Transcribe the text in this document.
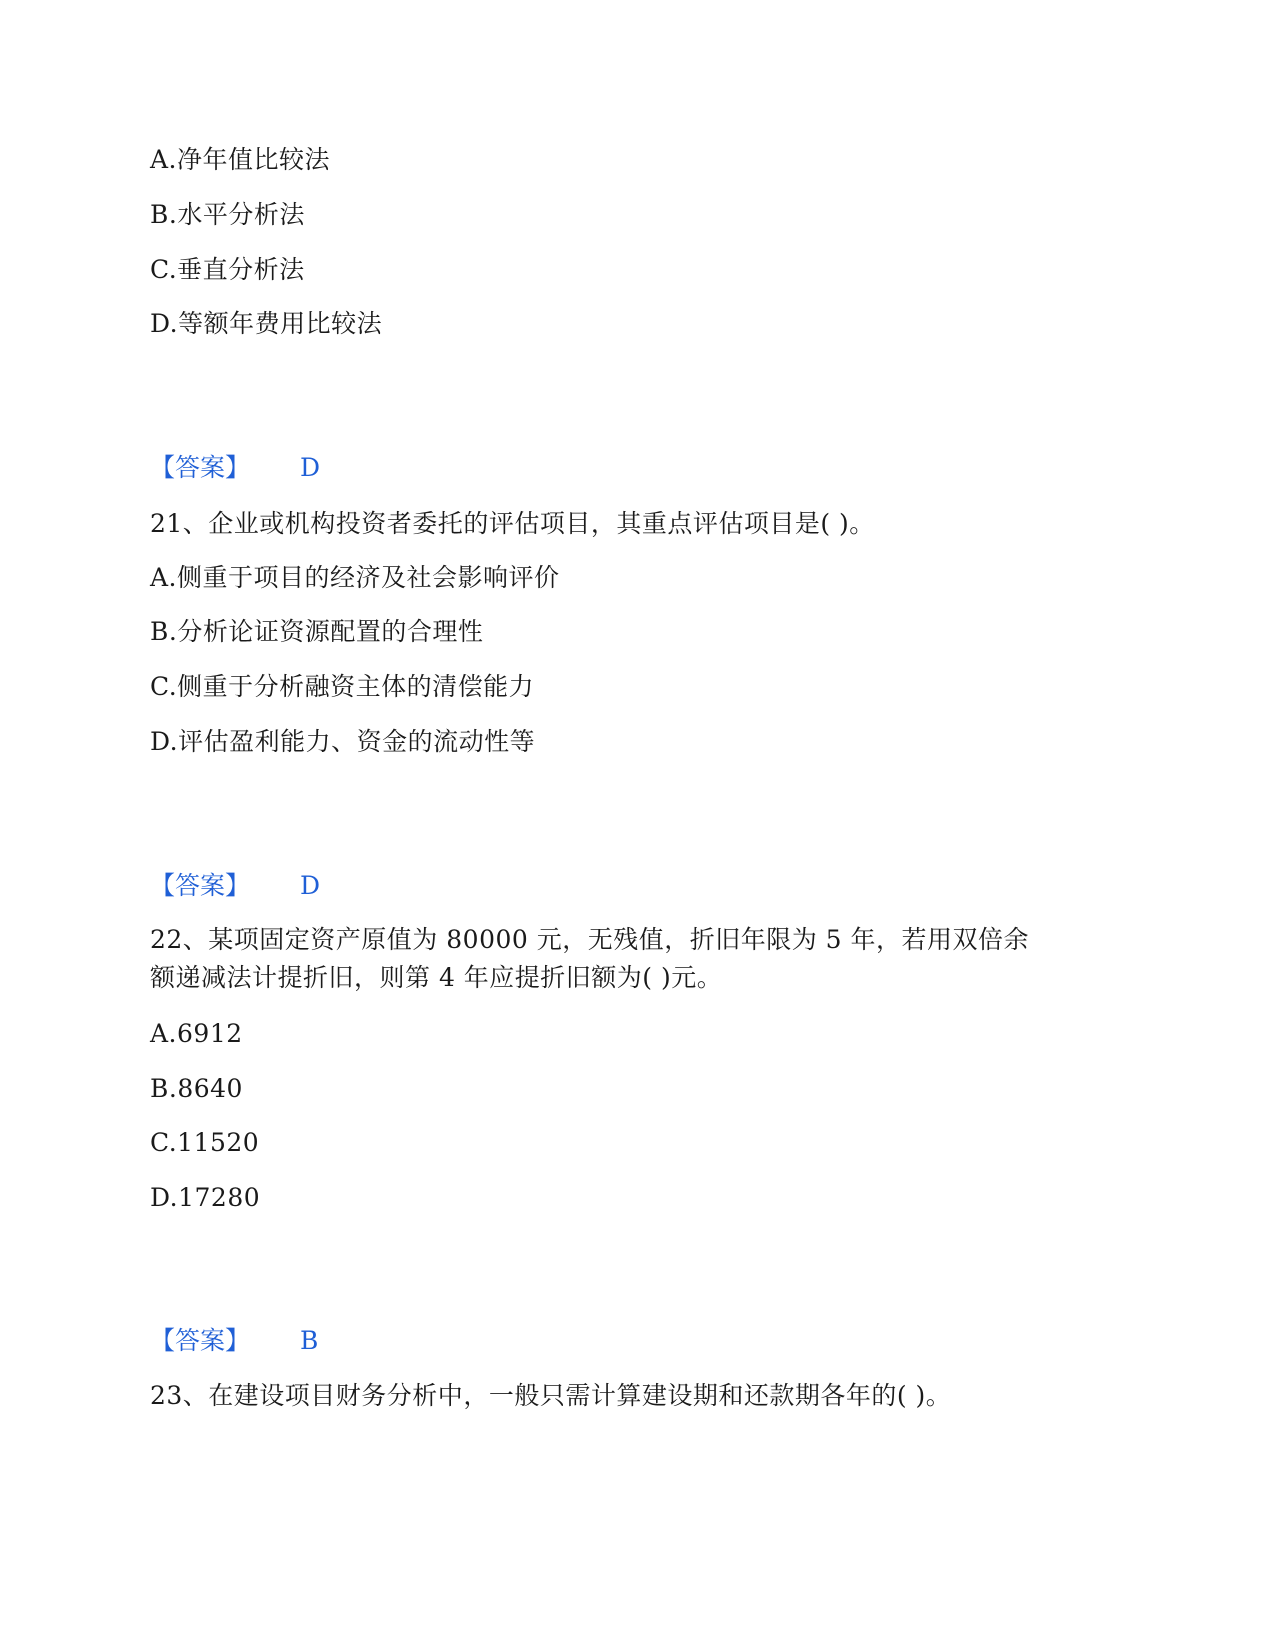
A.净年值比较法
B.水平分析法
C.垂直分析法
D.等额年费用比较法
【答案】 D
21、企业或机构投资者委托的评估项目，其重点评估项目是( )。
A.侧重于项目的经济及社会影响评价
B.分析论证资源配置的合理性
C.侧重于分析融资主体的清偿能力
D.评估盈利能力、资金的流动性等
【答案】 D
22、某项固定资产原值为 80000 元，无残值，折旧年限为 5 年，若用双倍余
额递减法计提折旧，则第 4 年应提折旧额为( )元。
A.6912
B.8640
C.11520
D.17280
【答案】 B
23、在建设项目财务分析中，一般只需计算建设期和还款期各年的( )。
